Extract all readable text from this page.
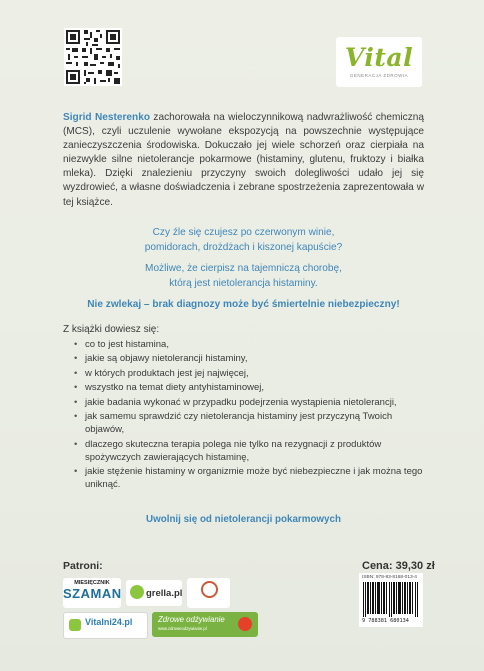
Vital
GENERACJA ZDROWIA
Sigrid Nesterenko zachorowała na wieloczynnikową nadwrażliwość chemiczną (MCS), czyli uczulenie wywołane ekspozycją na powszechnie występujące zanieczyszczenia środowiska. Dokuczało jej wiele schorzeń oraz cierpiała na niezwykle silne nietolerancje pokarmowe (histaminy, glutenu, fruktozy i białka mleka). Dzięki znalezieniu przyczyny swoich dolegliwości udało jej się wyzdrowieć, a własne doświadczenia i zebrane spostrzeżenia zaprezentowała w tej książce.
Czy źle się czujesz po czerwonym winie,
pomidorach, drożdżach i kiszonej kapuście?
Możliwe, że cierpisz na tajemniczą chorobę,
którą jest nietolerancja histaminy.
Nie zwlekaj – brak diagnozy może być śmiertelnie niebezpieczny!
Z książki dowiesz się:
• co to jest histamina,
• jakie są objawy nietolerancji histaminy,
• w których produktach jest jej najwięcej,
• wszystko na temat diety antyhistaminowej,
• jakie badania wykonać w przypadku podejrzenia wystąpienia nietolerancji,
• jak samemu sprawdzić czy nietolerancja histaminy jest przyczyną Twoich objawów,
• dlaczego skuteczna terapia polega nie tylko na rezygnacji z produktów spożywczych zawierających histaminę,
• jakie stężenie histaminy w organizmie może być niebezpieczne i jak można tego uniknąć.
Uwolnij się od nietolerancji pokarmowych
Patroni:	Cena: 39,30 zł
ISBN: 978-83-8168-013-4
9 788381 680134
MIESIĘCZNIK
SZAMAN	grella.pl
Vitalni24.pl	Zdrowe odżywianie
www.zdroweodzywianie.pl
